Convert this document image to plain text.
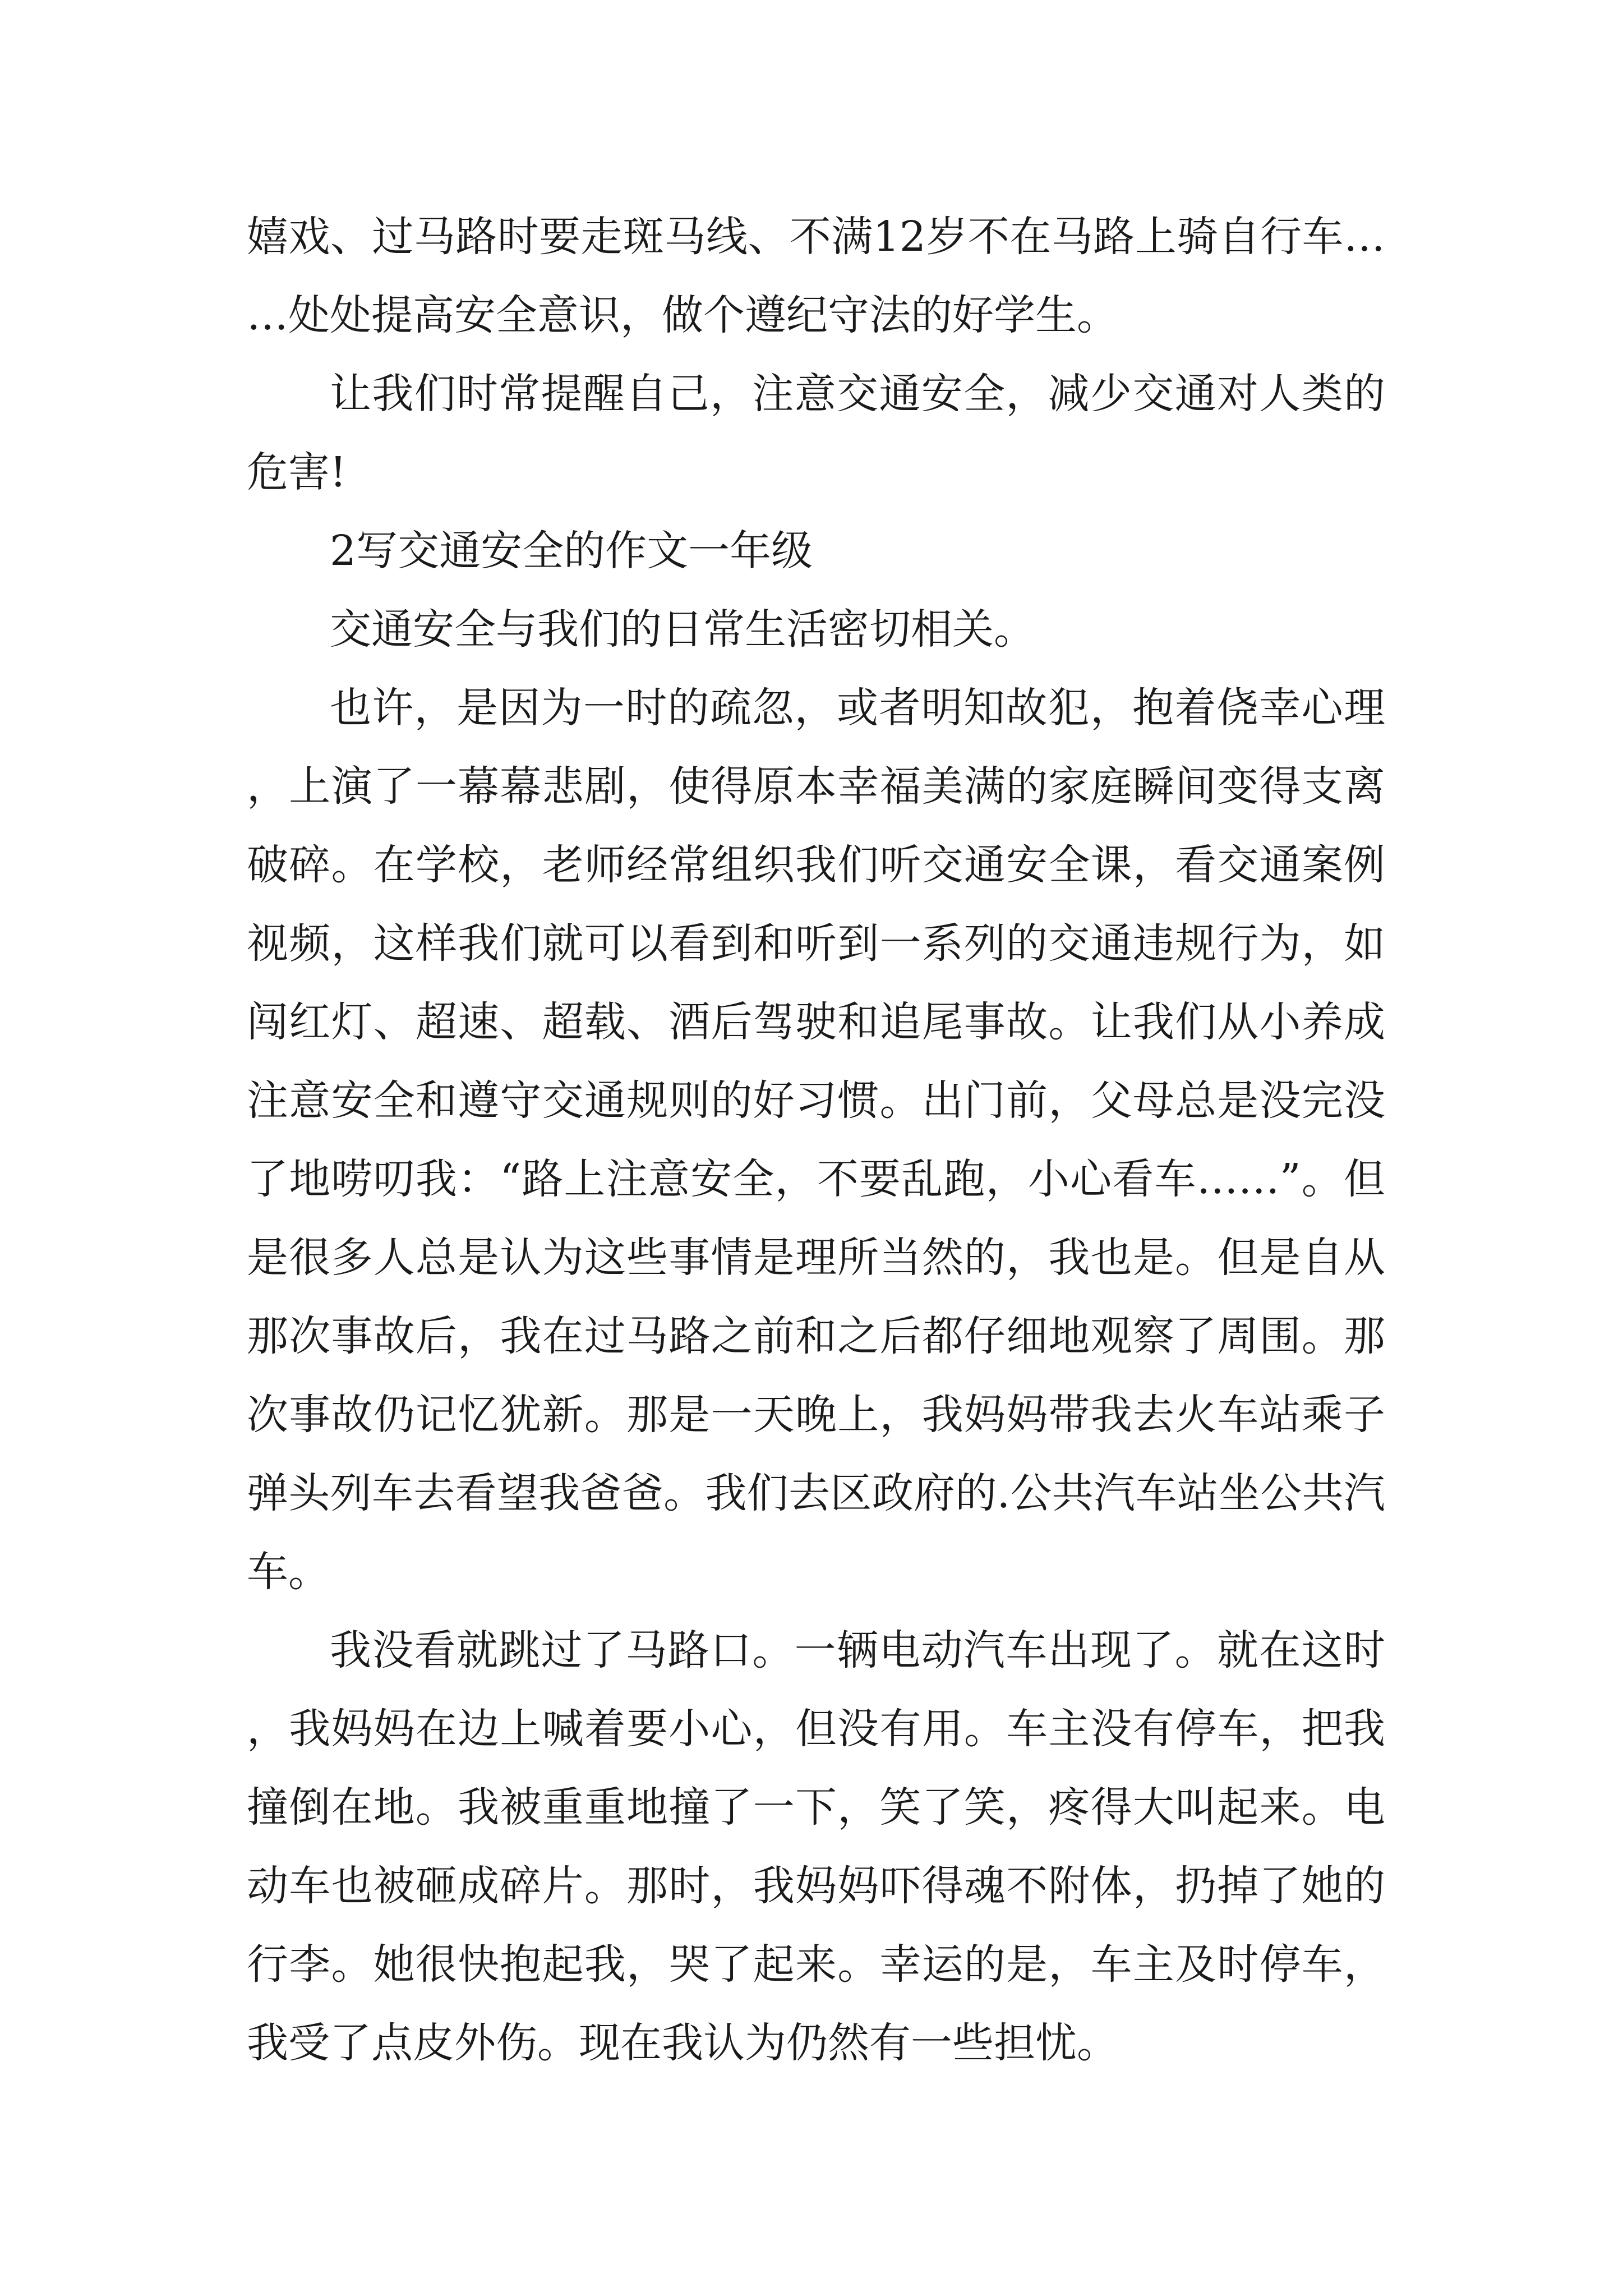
嬉戏、过马路时要走斑马线、不满12岁不在马路上骑自行车……处处提高安全意识，做个遵纪守法的好学生。

让我们时常提醒自己，注意交通安全，减少交通对人类的危害!

2写交通安全的作文一年级

交通安全与我们的日常生活密切相关。

也许，是因为一时的疏忽，或者明知故犯，抱着侥幸心理，上演了一幕幕悲剧，使得原本幸福美满的家庭瞬间变得支离破碎。在学校，老师经常组织我们听交通安全课，看交通案例视频，这样我们就可以看到和听到一系列的交通违规行为，如闯红灯、超速、超载、酒后驾驶和追尾事故。让我们从小养成注意安全和遵守交通规则的好习惯。出门前，父母总是没完没了地唠叨我：“路上注意安全，不要乱跑，小心看车……”。但是很多人总是认为这些事情是理所当然的，我也是。但是自从那次事故后，我在过马路之前和之后都仔细地观察了周围。那次事故仍记忆犹新。那是一天晚上，我妈妈带我去火车站乘子弹头列车去看望我爸爸。我们去区政府的.公共汽车站坐公共汽车。

我没看就跳过了马路口。一辆电动汽车出现了。就在这时，我妈妈在边上喊着要小心，但没有用。车主没有停车，把我撞倒在地。我被重重地撞了一下，笑了笑，疼得大叫起来。电动车也被砸成碎片。那时，我妈妈吓得魂不附体，扔掉了她的行李。她很快抱起我，哭了起来。幸运的是，车主及时停车，我受了点皮外伤。现在我认为仍然有一些担忧。
